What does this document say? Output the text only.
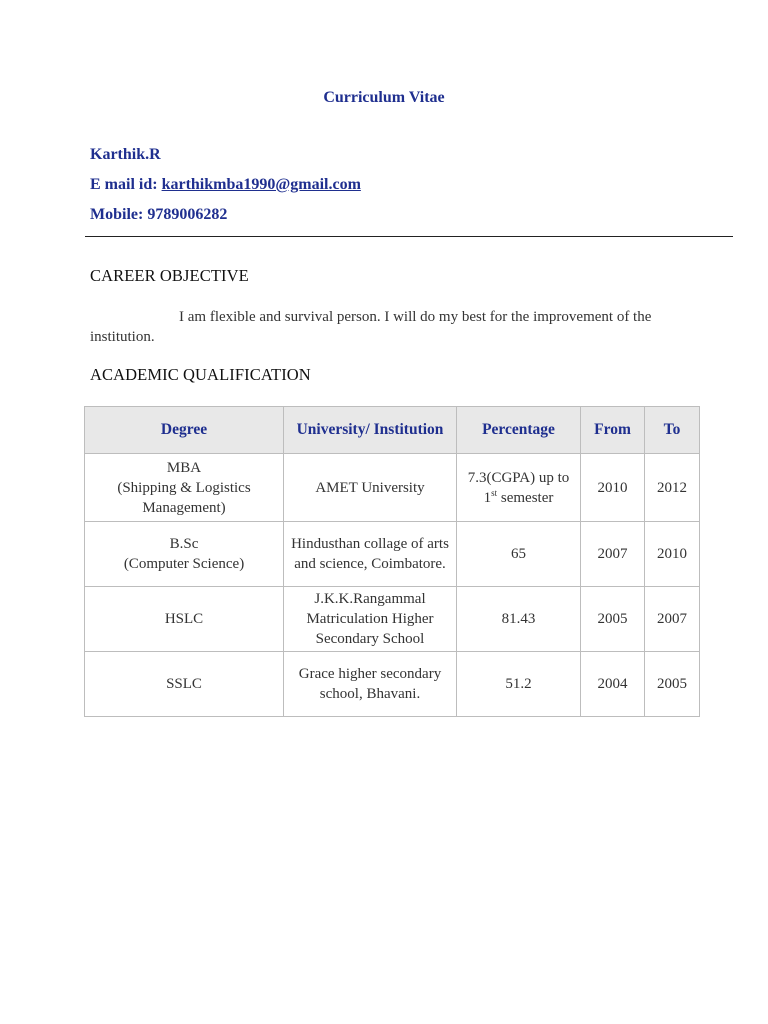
Curriculum Vitae
Karthik.R
E mail id: karthikmba1990@gmail.com
Mobile: 9789006282
CAREER OBJECTIVE
I am flexible and survival person. I will do my best for the improvement of the institution.
ACADEMIC QUALIFICATION
Degree	University/ Institution	Percentage	From	To

MBA
(Shipping & Logistics Management)	AMET University	7.3(CGPA) up to 1st semester	2010	2012

B.Sc
(Computer Science)	Hindusthan collage of arts and science, Coimbatore.	65	2007	2010

HSLC	J.K.K.Rangammal Matriculation Higher Secondary School	81.43	2005	2007

SSLC	Grace higher secondary school, Bhavani.	51.2	2004	2005
